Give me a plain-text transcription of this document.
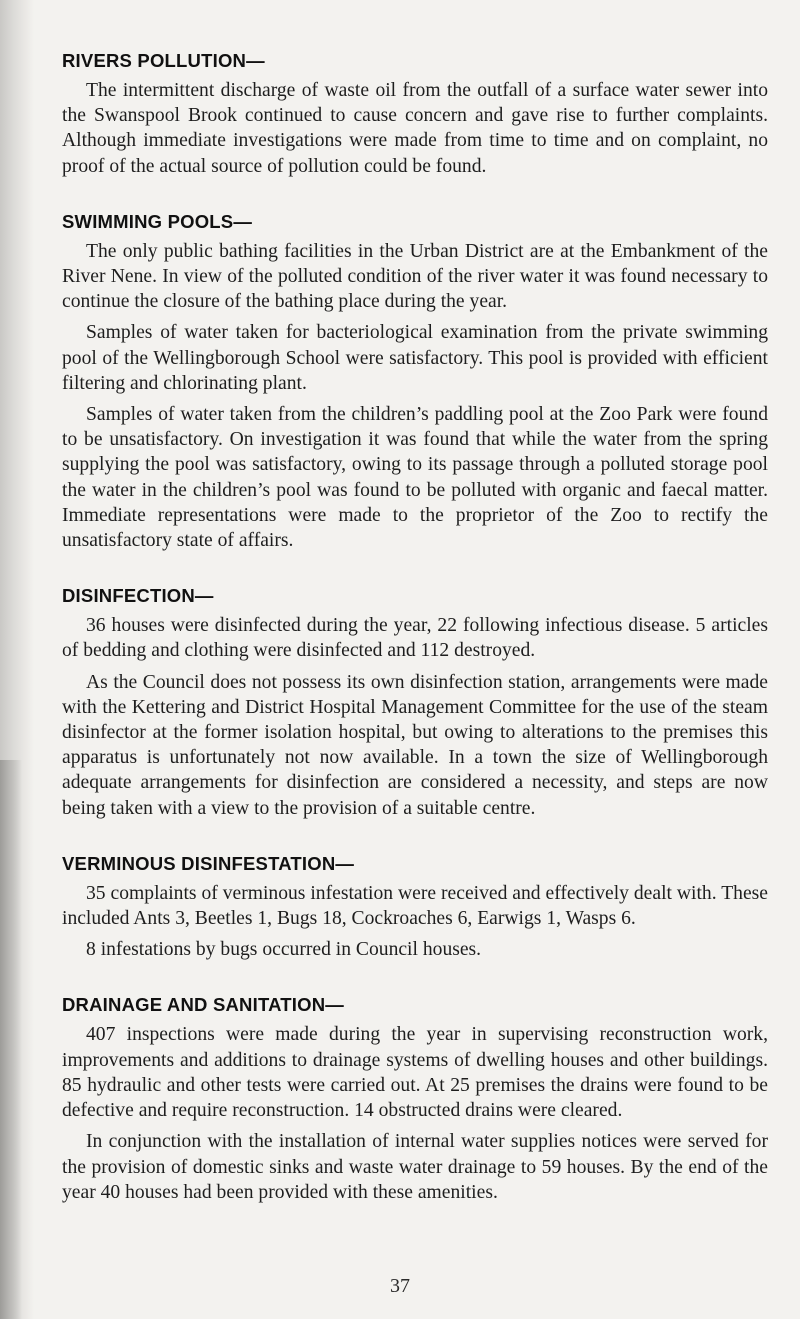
RIVERS POLLUTION—

The intermittent discharge of waste oil from the outfall of a surface water sewer into the Swanspool Brook continued to cause concern and gave rise to further complaints. Although immediate investigations were made from time to time and on complaint, no proof of the actual source of pollution could be found.

SWIMMING POOLS—

The only public bathing facilities in the Urban District are at the Embankment of the River Nene. In view of the polluted condition of the river water it was found necessary to continue the closure of the bathing place during the year.

Samples of water taken for bacteriological examination from the private swimming pool of the Wellingborough School were satisfactory. This pool is provided with efficient filtering and chlorinating plant.

Samples of water taken from the children’s paddling pool at the Zoo Park were found to be unsatisfactory. On investigation it was found that while the water from the spring supplying the pool was satisfactory, owing to its passage through a polluted storage pool the water in the children’s pool was found to be polluted with organic and faecal matter. Immediate representations were made to the proprietor of the Zoo to rectify the unsatisfactory state of affairs.

DISINFECTION—

36 houses were disinfected during the year, 22 following infectious disease. 5 articles of bedding and clothing were disinfected and 112 destroyed.

As the Council does not possess its own disinfection station, arrangements were made with the Kettering and District Hospital Management Committee for the use of the steam disinfector at the former isolation hospital, but owing to alterations to the premises this apparatus is unfortunately not now available. In a town the size of Wellingborough adequate arrangements for disinfection are considered a necessity, and steps are now being taken with a view to the provision of a suitable centre.

VERMINOUS DISINFESTATION—

35 complaints of verminous infestation were received and effectively dealt with. These included Ants 3, Beetles 1, Bugs 18, Cockroaches 6, Earwigs 1, Wasps 6.

8 infestations by bugs occurred in Council houses.

DRAINAGE AND SANITATION—

407 inspections were made during the year in supervising reconstruction work, improvements and additions to drainage systems of dwelling houses and other buildings. 85 hydraulic and other tests were carried out. At 25 premises the drains were found to be defective and require reconstruction. 14 obstructed drains were cleared.

In conjunction with the installation of internal water supplies notices were served for the provision of domestic sinks and waste water drainage to 59 houses. By the end of the year 40 houses had been provided with these amenities.

37
